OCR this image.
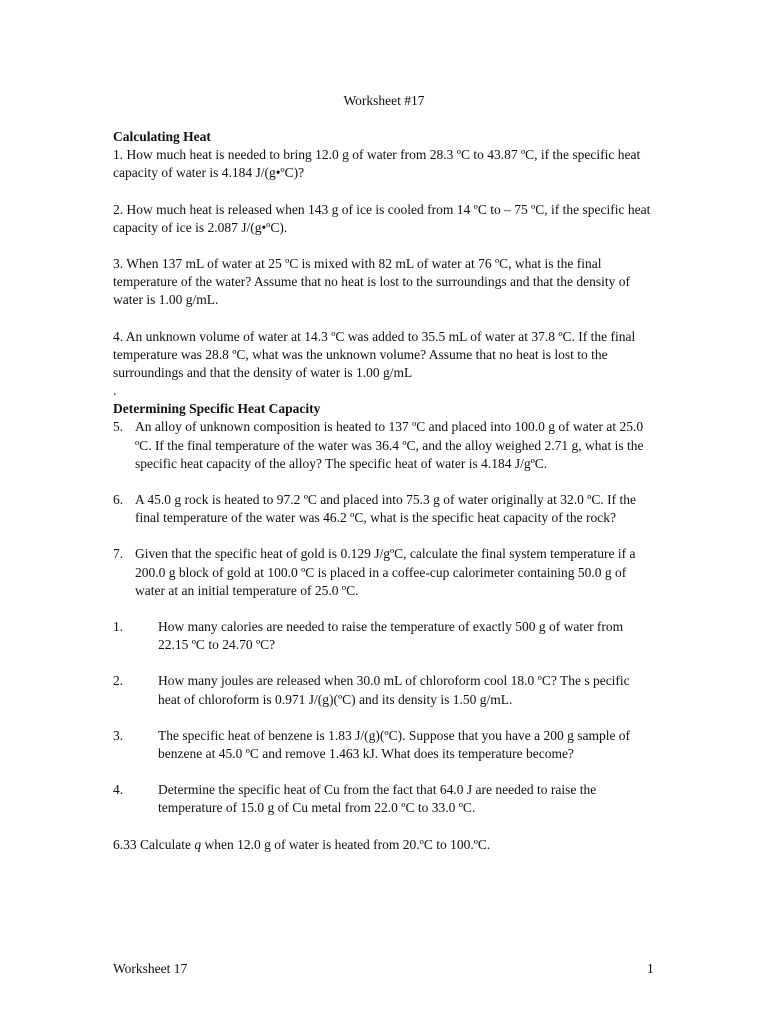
Worksheet #17

Calculating Heat

1. How much heat is needed to bring 12.0 g of water from 28.3 ºC to 43.87 ºC, if the specific heat capacity of water is 4.184 J/(g•ºC)?

2. How much heat is released when 143 g of ice is cooled from 14 ºC to – 75 ºC, if the specific heat capacity of ice is 2.087 J/(g•ºC).

3. When 137 mL of water at 25 ºC is mixed with 82 mL of water at 76 ºC, what is the final temperature of the water? Assume that no heat is lost to the surroundings and that the density of water is 1.00 g/mL.

4. An unknown volume of water at 14.3 ºC was added to 35.5 mL of water at 37.8 ºC. If the final temperature was 28.8 ºC, what was the unknown volume? Assume that no heat is lost to the surroundings and that the density of water is 1.00 g/mL

.

Determining Specific Heat Capacity

5. An alloy of unknown composition is heated to 137 ºC and placed into 100.0 g of water at 25.0 ºC. If the final temperature of the water was 36.4 ºC, and the alloy weighed 2.71 g, what is the specific heat capacity of the alloy? The specific heat of water is 4.184 J/gºC.
6. A 45.0 g rock is heated to 97.2 ºC and placed into 75.3 g of water originally at 32.0 ºC. If the final temperature of the water was 46.2 ºC, what is the specific heat capacity of the rock?
7. Given that the specific heat of gold is 0.129 J/gºC, calculate the final system temperature if a 200.0 g block of gold at 100.0 ºC is placed in a coffee-cup calorimeter containing 50.0 g of water at an initial temperature of 25.0 ºC.
1.	How many calories are needed to raise the temperature of exactly 500 g of water from 22.15 ºC to 24.70 ºC?
2.	How many joules are released when 30.0 mL of chloroform cool 18.0 ºC? The s pecific heat of chloroform is 0.971 J/(g)(ºC) and its density is 1.50 g/mL.
3.	The specific heat of benzene is 1.83 J/(g)(ºC). Suppose that you have a 200 g sample of benzene at 45.0 ºC and remove 1.463 kJ. What does its temperature become?
4.	Determine the specific heat of Cu from the fact that 64.0 J are needed to raise the temperature of 15.0 g of Cu metal from 22.0 ºC to 33.0 ºC.

6.33 Calculate q when 12.0 g of water is heated from 20.ºC to 100.ºC.

Worksheet 17	1
